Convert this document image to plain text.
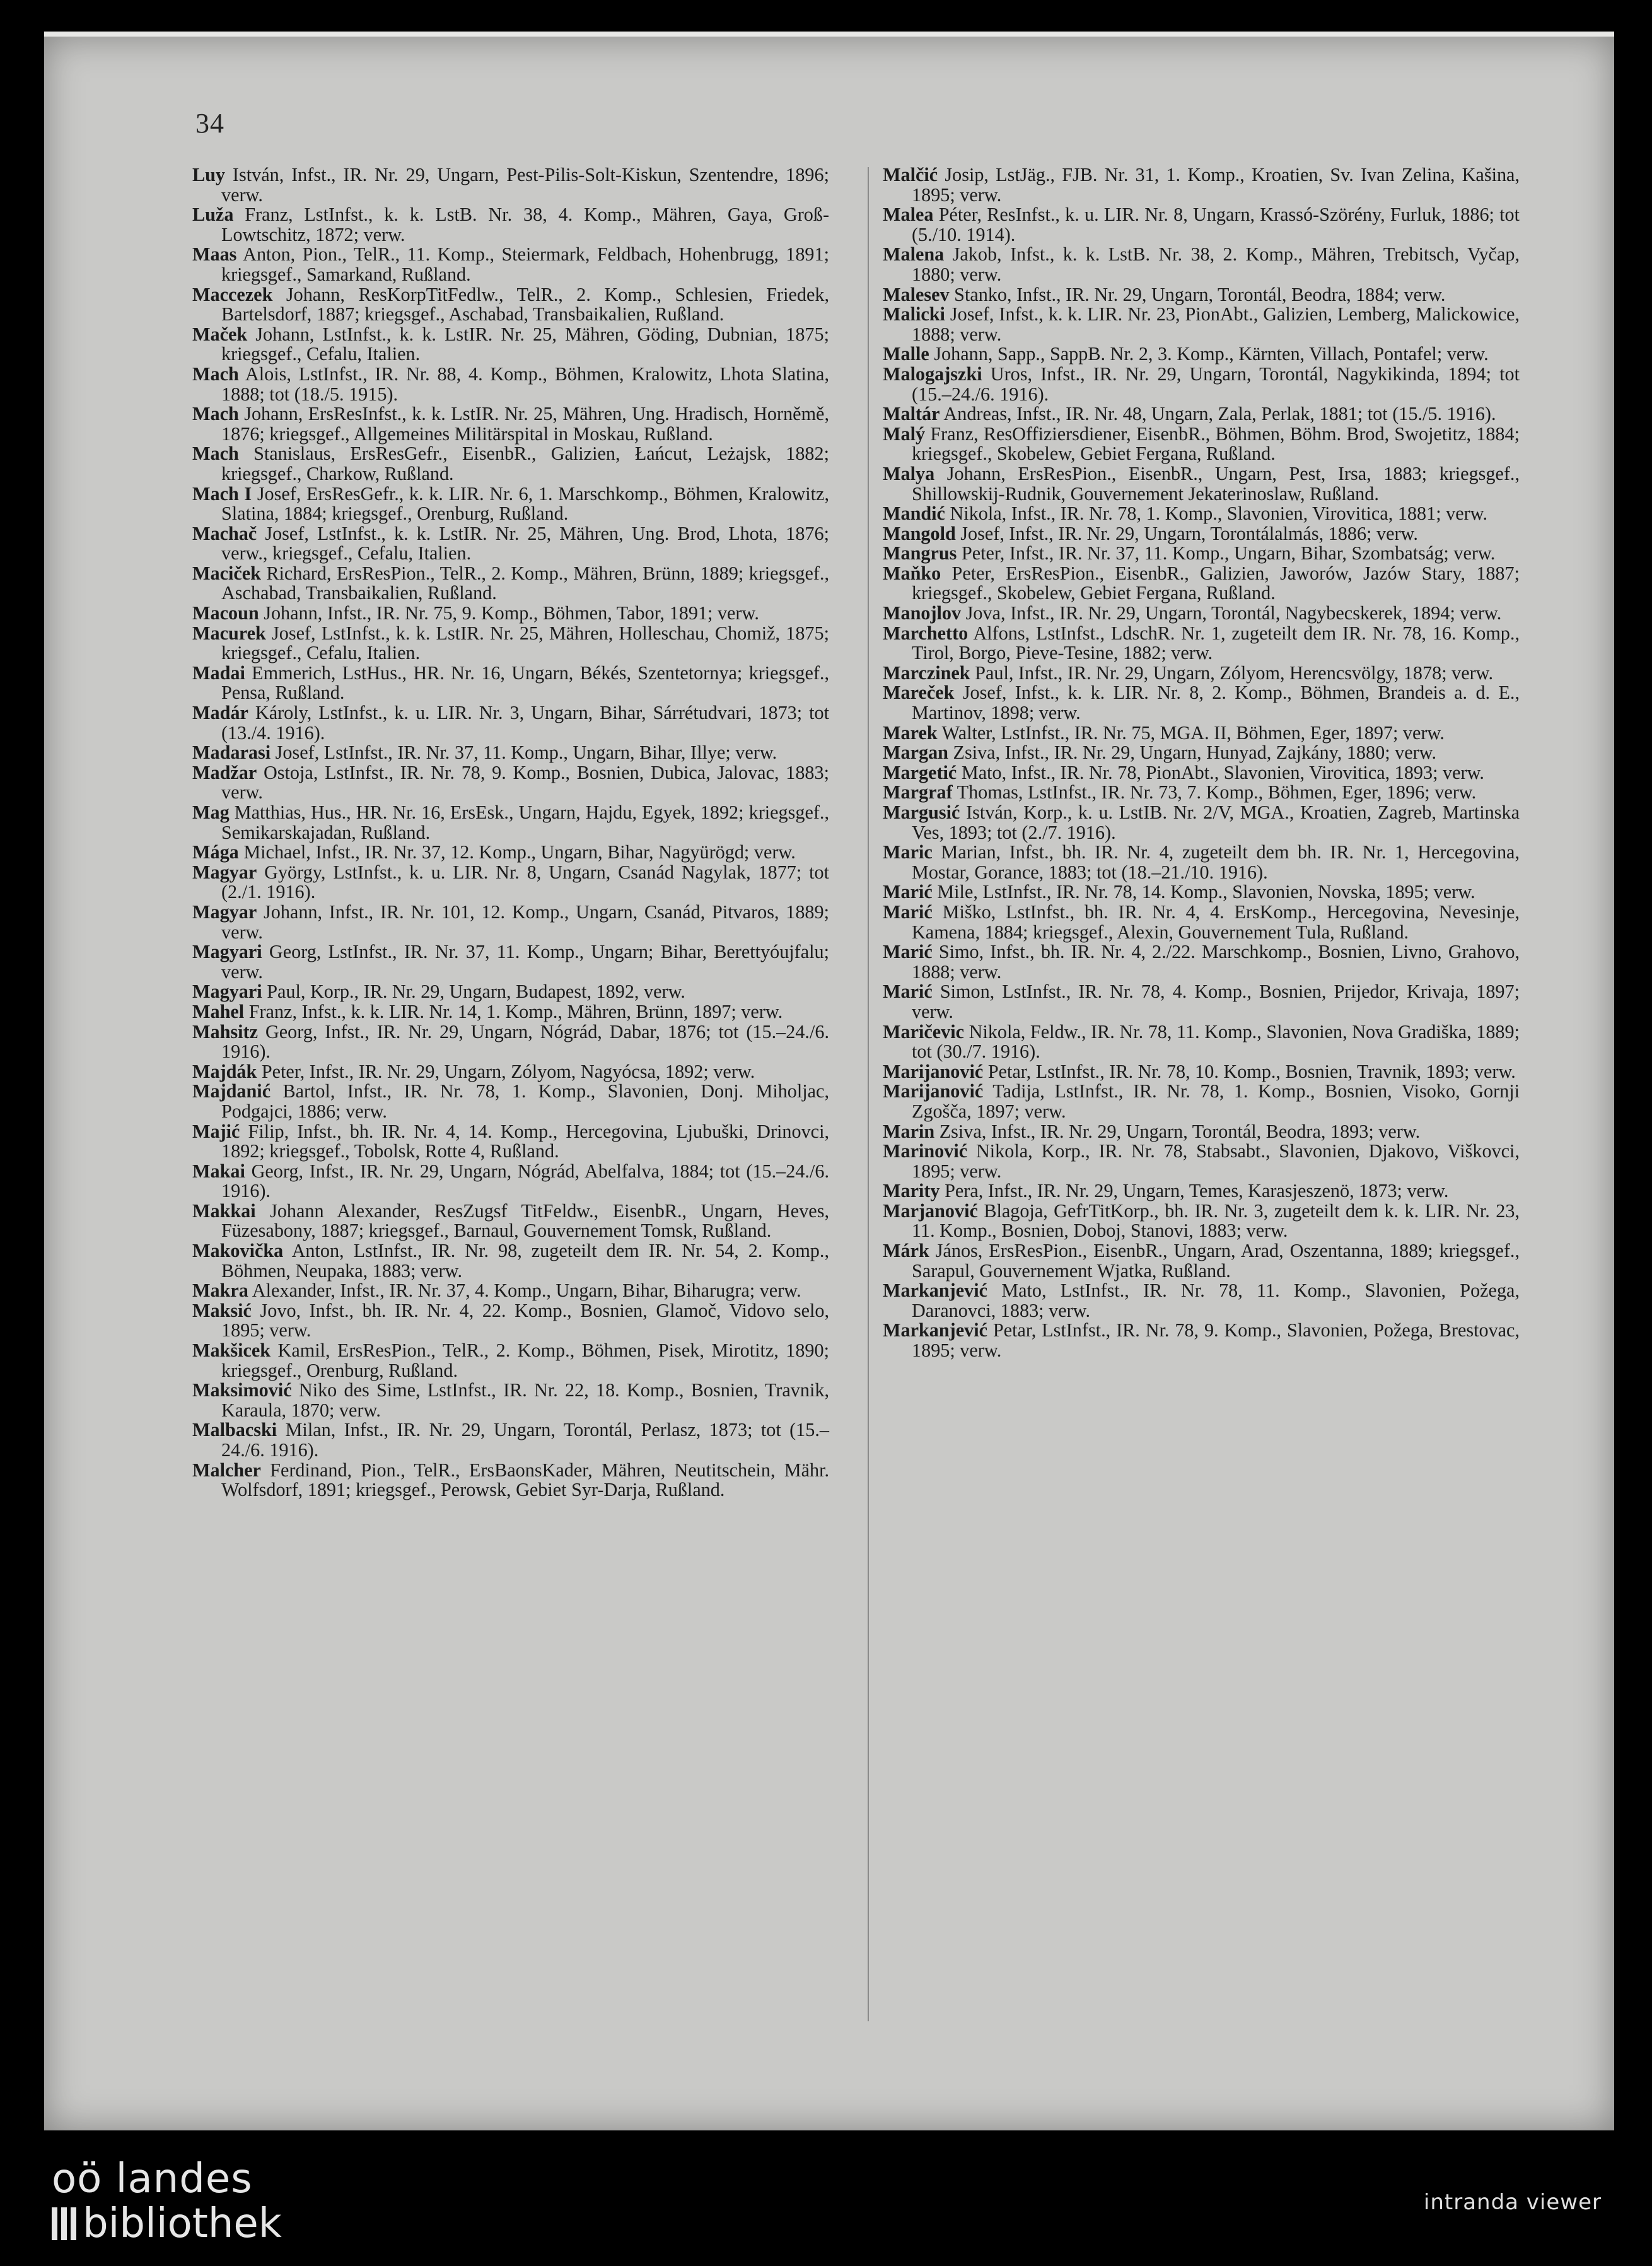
34

Luy István, Infst., IR. Nr. 29, Ungarn, Pest-Pilis-Solt-Kiskun, Szentendre, 1896; verw.

Luža Franz, LstInfst., k. k. LstB. Nr. 38, 4. Komp., Mähren, Gaya, Groß-Lowtschitz, 1872; verw.

Maas Anton, Pion., TelR., 11. Komp., Steiermark, Feldbach, Hohenbrugg, 1891; kriegsgef., Samarkand, Rußland.

Maccezek Johann, ResKorpTitFedlw., TelR., 2. Komp., Schlesien, Friedek, Bartelsdorf, 1887; kriegsgef., Aschabad, Transbaikalien, Rußland.

Maček Johann, LstInfst., k. k. LstIR. Nr. 25, Mähren, Göding, Dubnian, 1875; kriegsgef., Cefalu, Italien.

Mach Alois, LstInfst., IR. Nr. 88, 4. Komp., Böhmen, Kralowitz, Lhota Slatina, 1888; tot (18./5. 1915).

Mach Johann, ErsResInfst., k. k. LstIR. Nr. 25, Mähren, Ung. Hradisch, Horněmě, 1876; kriegsgef., Allgemeines Militärspital in Moskau, Rußland.

Mach Stanislaus, ErsResGefr., EisenbR., Galizien, Łańcut, Leżajsk, 1882; kriegsgef., Charkow, Rußland.

Mach I Josef, ErsResGefr., k. k. LIR. Nr. 6, 1. Marschkomp., Böhmen, Kralowitz, Slatina, 1884; kriegsgef., Orenburg, Rußland.

Machač Josef, LstInfst., k. k. LstIR. Nr. 25, Mähren, Ung. Brod, Lhota, 1876; verw., kriegsgef., Cefalu, Italien.

Maciček Richard, ErsResPion., TelR., 2. Komp., Mähren, Brünn, 1889; kriegsgef., Aschabad, Transbaikalien, Rußland.

Macoun Johann, Infst., IR. Nr. 75, 9. Komp., Böhmen, Tabor, 1891; verw.

Macurek Josef, LstInfst., k. k. LstIR. Nr. 25, Mähren, Holleschau, Chomiž, 1875; kriegsgef., Cefalu, Italien.

Madai Emmerich, LstHus., HR. Nr. 16, Ungarn, Békés, Szentetornya; kriegsgef., Pensa, Rußland.

Madár Károly, LstInfst., k. u. LIR. Nr. 3, Ungarn, Bihar, Sárrétudvari, 1873; tot (13./4. 1916).

Madarasi Josef, LstInfst., IR. Nr. 37, 11. Komp., Ungarn, Bihar, Illye; verw.

Madžar Ostoja, LstInfst., IR. Nr. 78, 9. Komp., Bosnien, Dubica, Jalovac, 1883; verw.

Mag Matthias, Hus., HR. Nr. 16, ErsEsk., Ungarn, Hajdu, Egyek, 1892; kriegsgef., Semikarskajadan, Rußland.

Mága Michael, Infst., IR. Nr. 37, 12. Komp., Ungarn, Bihar, Nagyürögd; verw.

Magyar György, LstInfst., k. u. LIR. Nr. 8, Ungarn, Csanád Nagylak, 1877; tot (2./1. 1916).

Magyar Johann, Infst., IR. Nr. 101, 12. Komp., Ungarn, Csanád, Pitvaros, 1889; verw.

Magyari Georg, LstInfst., IR. Nr. 37, 11. Komp., Ungarn; Bihar, Berettyóujfalu; verw.

Magyari Paul, Korp., IR. Nr. 29, Ungarn, Budapest, 1892, verw.

Mahel Franz, Infst., k. k. LIR. Nr. 14, 1. Komp., Mähren, Brünn, 1897; verw.

Mahsitz Georg, Infst., IR. Nr. 29, Ungarn, Nógrád, Dabar, 1876; tot (15.–24./6. 1916).

Majdák Peter, Infst., IR. Nr. 29, Ungarn, Zólyom, Nagyócsa, 1892; verw.

Majdanić Bartol, Infst., IR. Nr. 78, 1. Komp., Slavonien, Donj. Miholjac, Podgajci, 1886; verw.

Majić Filip, Infst., bh. IR. Nr. 4, 14. Komp., Hercegovina, Ljubuški, Drinovci, 1892; kriegsgef., Tobolsk, Rotte 4, Rußland.

Makai Georg, Infst., IR. Nr. 29, Ungarn, Nógrád, Abelfalva, 1884; tot (15.–24./6. 1916).

Makkai Johann Alexander, ResZugsf TitFeldw., EisenbR., Ungarn, Heves, Füzesabony, 1887; kriegsgef., Barnaul, Gouvernement Tomsk, Rußland.

Makovička Anton, LstInfst., IR. Nr. 98, zugeteilt dem IR. Nr. 54, 2. Komp., Böhmen, Neupaka, 1883; verw.

Makra Alexander, Infst., IR. Nr. 37, 4. Komp., Ungarn, Bihar, Biharugra; verw.

Maksić Jovo, Infst., bh. IR. Nr. 4, 22. Komp., Bosnien, Glamoč, Vidovo selo, 1895; verw.

Makšicek Kamil, ErsResPion., TelR., 2. Komp., Böhmen, Pisek, Mirotitz, 1890; kriegsgef., Orenburg, Rußland.

Maksimović Niko des Sime, LstInfst., IR. Nr. 22, 18. Komp., Bosnien, Travnik, Karaula, 1870; verw.

Malbacski Milan, Infst., IR. Nr. 29, Ungarn, Torontál, Perlasz, 1873; tot (15.–24./6. 1916).

Malcher Ferdinand, Pion., TelR., ErsBaonsKader, Mähren, Neutitschein, Mähr. Wolfsdorf, 1891; kriegsgef., Perowsk, Gebiet Syr-Darja, Rußland.

Malčić Josip, LstJäg., FJB. Nr. 31, 1. Komp., Kroatien, Sv. Ivan Zelina, Kašina, 1895; verw.

Malea Péter, ResInfst., k. u. LIR. Nr. 8, Ungarn, Krassó-Szörény, Furluk, 1886; tot (5./10. 1914).

Malena Jakob, Infst., k. k. LstB. Nr. 38, 2. Komp., Mähren, Trebitsch, Vyčap, 1880; verw.

Malesev Stanko, Infst., IR. Nr. 29, Ungarn, Torontál, Beodra, 1884; verw.

Malicki Josef, Infst., k. k. LIR. Nr. 23, PionAbt., Galizien, Lemberg, Malickowice, 1888; verw.

Malle Johann, Sapp., SappB. Nr. 2, 3. Komp., Kärnten, Villach, Pontafel; verw.

Malogajszki Uros, Infst., IR. Nr. 29, Ungarn, Torontál, Nagykikinda, 1894; tot (15.–24./6. 1916).

Maltár Andreas, Infst., IR. Nr. 48, Ungarn, Zala, Perlak, 1881; tot (15./5. 1916).

Malý Franz, ResOffiziersdiener, EisenbR., Böhmen, Böhm. Brod, Swojetitz, 1884; kriegsgef., Skobelew, Gebiet Fergana, Rußland.

Malya Johann, ErsResPion., EisenbR., Ungarn, Pest, Irsa, 1883; kriegsgef., Shillowskij-Rudnik, Gouvernement Jekaterinoslaw, Rußland.

Mandić Nikola, Infst., IR. Nr. 78, 1. Komp., Slavonien, Virovitica, 1881; verw.

Mangold Josef, Infst., IR. Nr. 29, Ungarn, Torontálalmás, 1886; verw.

Mangrus Peter, Infst., IR. Nr. 37, 11. Komp., Ungarn, Bihar, Szombatság; verw.

Maňko Peter, ErsResPion., EisenbR., Galizien, Jaworów, Jazów Stary, 1887; kriegsgef., Skobelew, Gebiet Fergana, Rußland.

Manojlov Jova, Infst., IR. Nr. 29, Ungarn, Torontál, Nagybecskerek, 1894; verw.

Marchetto Alfons, LstInfst., LdschR. Nr. 1, zugeteilt dem IR. Nr. 78, 16. Komp., Tirol, Borgo, Pieve-Tesine, 1882; verw.

Marczinek Paul, Infst., IR. Nr. 29, Ungarn, Zólyom, Herencsvölgy, 1878; verw.

Mareček Josef, Infst., k. k. LIR. Nr. 8, 2. Komp., Böhmen, Brandeis a. d. E., Martinov, 1898; verw.

Marek Walter, LstInfst., IR. Nr. 75, MGA. II, Böhmen, Eger, 1897; verw.

Margan Zsiva, Infst., IR. Nr. 29, Ungarn, Hunyad, Zajkány, 1880; verw.

Margetić Mato, Infst., IR. Nr. 78, PionAbt., Slavonien, Virovitica, 1893; verw.

Margraf Thomas, LstInfst., IR. Nr. 73, 7. Komp., Böhmen, Eger, 1896; verw.

Margusić István, Korp., k. u. LstIB. Nr. 2/V, MGA., Kroatien, Zagreb, Martinska Ves, 1893; tot (2./7. 1916).

Maric Marian, Infst., bh. IR. Nr. 4, zugeteilt dem bh. IR. Nr. 1, Hercegovina, Mostar, Gorance, 1883; tot (18.–21./10. 1916).

Marić Mile, LstInfst., IR. Nr. 78, 14. Komp., Slavonien, Novska, 1895; verw.

Marić Miško, LstInfst., bh. IR. Nr. 4, 4. ErsKomp., Hercegovina, Nevesinje, Kamena, 1884; kriegsgef., Alexin, Gouvernement Tula, Rußland.

Marić Simo, Infst., bh. IR. Nr. 4, 2./22. Marschkomp., Bosnien, Livno, Grahovo, 1888; verw.

Marić Simon, LstInfst., IR. Nr. 78, 4. Komp., Bosnien, Prijedor, Krivaja, 1897; verw.

Maričevic Nikola, Feldw., IR. Nr. 78, 11. Komp., Slavonien, Nova Gradiška, 1889; tot (30./7. 1916).

Marijanović Petar, LstInfst., IR. Nr. 78, 10. Komp., Bosnien, Travnik, 1893; verw.

Marijanović Tadija, LstInfst., IR. Nr. 78, 1. Komp., Bosnien, Visoko, Gornji Zgošča, 1897; verw.

Marin Zsiva, Infst., IR. Nr. 29, Ungarn, Torontál, Beodra, 1893; verw.

Marinović Nikola, Korp., IR. Nr. 78, Stabsabt., Slavonien, Djakovo, Viškovci, 1895; verw.

Marity Pera, Infst., IR. Nr. 29, Ungarn, Temes, Karasjeszenö, 1873; verw.

Marjanović Blagoja, GefrTitKorp., bh. IR. Nr. 3, zugeteilt dem k. k. LIR. Nr. 23, 11. Komp., Bosnien, Doboj, Stanovi, 1883; verw.

Márk János, ErsResPion., EisenbR., Ungarn, Arad, Oszentanna, 1889; kriegsgef., Sarapul, Gouvernement Wjatka, Rußland.

Markanjević Mato, LstInfst., IR. Nr. 78, 11. Komp., Slavonien, Požega, Daranovci, 1883; verw.

Markanjević Petar, LstInfst., IR. Nr. 78, 9. Komp., Slavonien, Požega, Brestovac, 1895; verw.

oö landes
bibliothek	intranda viewer
